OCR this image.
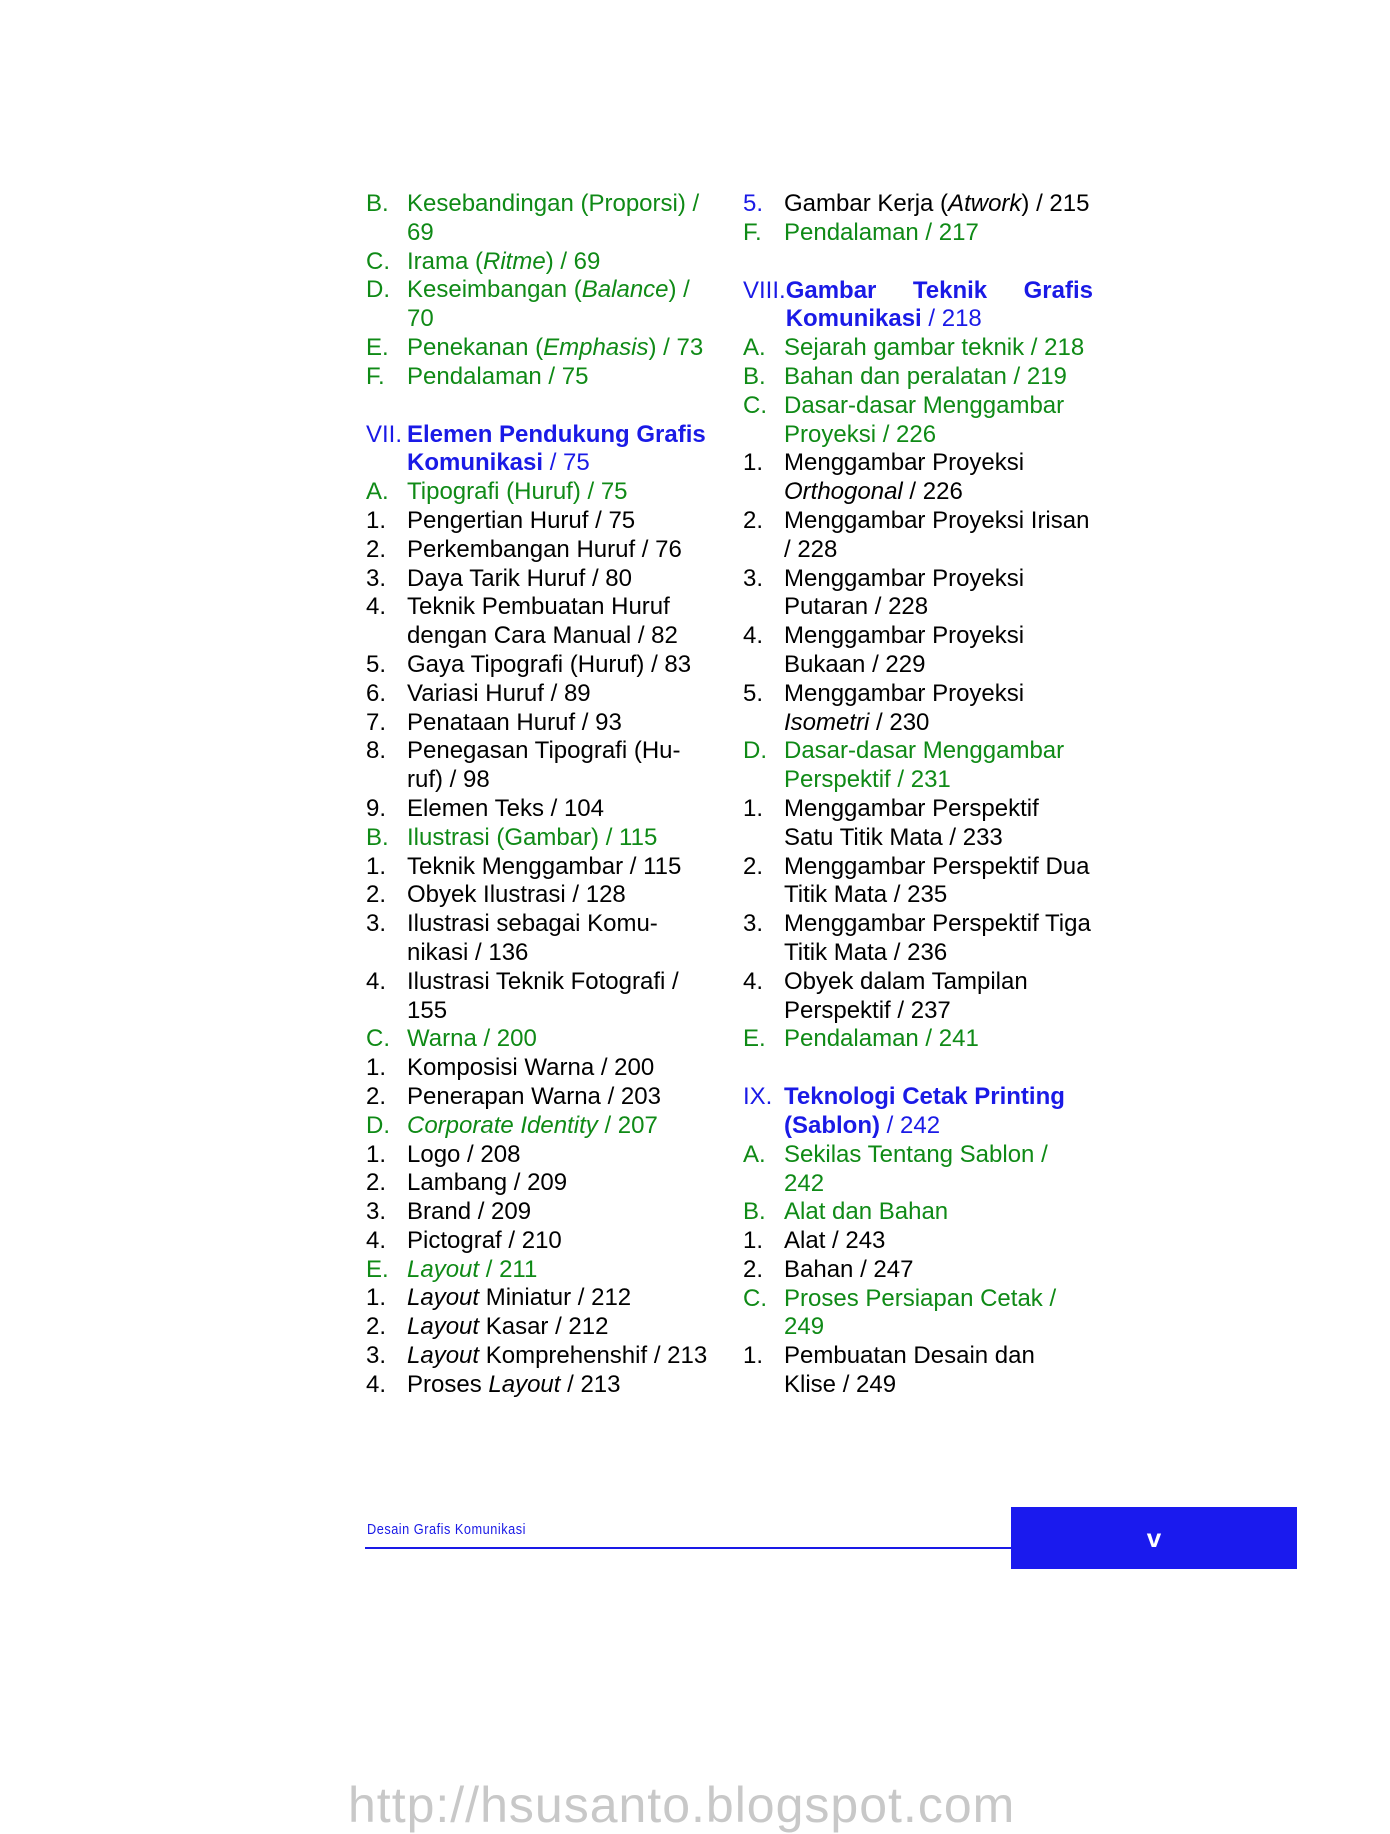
B. Kesebandingan (Proporsi) / 69
C. Irama (Ritme) / 69
D. Keseimbangan (Balance) / 70
E. Penekanan (Emphasis) / 73
F. Pendalaman / 75
VII. Elemen Pendukung Grafis Komunikasi / 75
A. Tipografi (Huruf) / 75
1. Pengertian Huruf / 75
2. Perkembangan Huruf / 76
3. Daya Tarik Huruf / 80
4. Teknik Pembuatan Huruf dengan Cara Manual / 82
5. Gaya Tipografi (Huruf) / 83
6. Variasi Huruf / 89
7. Penataan Huruf / 93
8. Penegasan Tipografi (Hu-ruf) / 98
9. Elemen Teks / 104
B. Ilustrasi (Gambar) / 115
1. Teknik Menggambar / 115
2. Obyek Ilustrasi / 128
3. Ilustrasi sebagai Komu-nikasi / 136
4. Ilustrasi Teknik Fotografi / 155
C. Warna / 200
1. Komposisi Warna / 200
2. Penerapan Warna / 203
D. Corporate Identity / 207
1. Logo / 208
2. Lambang / 209
3. Brand / 209
4. Pictograf / 210
E. Layout / 211
1. Layout Miniatur / 212
2. Layout Kasar / 212
3. Layout Komprehenshif / 213
4. Proses Layout / 213
5. Gambar Kerja (Atwork) / 215
F. Pendalaman / 217
VIII. Gambar Teknik Grafis
Komunikasi / 218
A. Sejarah gambar teknik / 218
B. Bahan dan peralatan / 219
C. Dasar-dasar Menggambar Proyeksi / 226
1. Menggambar Proyeksi Orthogonal / 226
2. Menggambar Proyeksi Irisan / 228
3. Menggambar Proyeksi Putaran / 228
4. Menggambar Proyeksi Bukaan / 229
5. Menggambar Proyeksi Isometri / 230
D. Dasar-dasar Menggambar Perspektif / 231
1. Menggambar Perspektif Satu Titik Mata / 233
2. Menggambar Perspektif Dua Titik Mata / 235
3. Menggambar Perspektif Tiga Titik Mata / 236
4. Obyek dalam Tampilan Perspektif / 237
E. Pendalaman / 241
IX. Teknologi Cetak Printing (Sablon) / 242
A. Sekilas Tentang Sablon / 242
B. Alat dan Bahan
1. Alat / 243
2. Bahan / 247
C. Proses Persiapan Cetak / 249
1. Pembuatan Desain dan Klise / 249
Desain Grafis Komunikasi	v
http://hsusanto.blogspot.com
